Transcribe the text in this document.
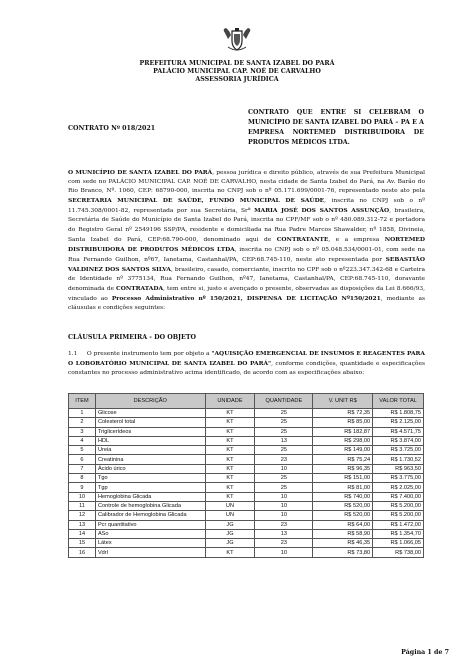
PREFEITURA MUNICIPAL DE SANTA IZABEL DO PARÁ
PALÁCIO MUNICIPAL CAP. NOÉ DE CARVALHO
ASSESSORIA JURÍDICA
CONTRATO Nº 018/2021
CONTRATO QUE ENTRE SI CELEBRAM O MUNICÍPIO DE SANTA IZABEL DO PARÁ – PA E A EMPRESA NORTEMED DISTRIBUIDORA DE PRODUTOS MÉDICOS LTDA.
O MUNICÍPIO DE SANTA IZABEL DO PARÁ, pessoa jurídica e direito público, através de sua Prefeitura Municipal com sede no PALÁCIO MUNICIPAL CAP. NOÉ DE CARVALHO, nesta cidade de Santa Izabel do Pará, na Av. Barão do Rio Branco, Nº. 1060, CEP: 68790-000, inscrita no CNPJ sob o nº 05.171.699/0001-76, representado neste ato pela SECRETARIA MUNICIPAL DE SAÚDE, FUNDO MUNICIPAL DE SAÚDE, inscrita no CNPJ sob o nº 11.745.308/0001-82, representada por sua Secretária, Srª MARIA JOSÉ DOS SANTOS ASSUNÇÃO, brasileira, Secretária de Saúde do Município de Santa Izabel do Pará, inscrita no CPF/MF sob o nº 480.089.312-72 e portadora do Registro Geral nº 2549196 SSP/PA, residente e domiciliada na Rua Padre Marcos Shawalder, nº 1858, Divineia, Santa Izabel do Pará, CEP:68.790-000, denominado aqui de CONTRATANTE, e a empresa NORTEMED DISTRIBUIDORA DE PRODUTOS MÉDICOS LTDA, inscrita no CNPJ sob o nº 05.048.534/0001-01, com sede na Rua Fernando Guilhon, nº67, Ianetama, Castanhal/PA, CEP:68.745-110, neste ato representada por SEBASTIÃO VALDINEZ DOS SANTOS SILVA, brasileiro, casado, comerciante, inscrito no CPF sob o nº223.347.342-68 e Carteira de Identidade nº 3775134, Rua Fernando Guilhon, nº47, Ianetama, Castanhal/PA, CEP:68.745-110, doravante denominada de CONTRATADA, tem entre si, justo e avençado o presente, observadas as disposições da Lei 8.666/93, vinculado ao Processo Administrativo nº 150/2021, DISPENSA DE LICITAÇÃO Nº150/2021, mediante as cláusulas e condições seguintes:
CLÁUSULA PRIMEIRA - DO OBJETO
1.1 O presente instrumento tem por objeto a "AQUISIÇÃO EMERGENCIAL DE INSUMOS E REAGENTES PARA O LOBORATÓRIO MUNICIPAL DE SANTA IZABEL DO PARÁ", conforme condições, quantidade e especificações constantes no processo administrativo acima identificado, de acordo com as especificações abaixo:
ITEM	DESCRIÇÃO	UNIDADE	QUANTIDADE	V. UNIT R$	VALOR TOTAL
1	Glicose	KT	25	R$ 72,35	R$ 1.808,75
2	Colesterol total	KT	25	R$ 85,00	R$ 2.125,00
3	Triglicerídeos	KT	25	R$ 182,87	R$ 4.571,75
4	HDL	KT	13	R$ 298,00	R$ 3.874,00
5	Ureia	KT	25	R$ 149,00	R$ 3.725,00
6	Creatinina	KT	23	R$ 75,24	R$ 1.730,52
7	Ácido úrico	KT	10	R$ 96,35	R$ 963,50
8	Tgo	KT	25	R$ 151,00	R$ 3.775,00
9	Tgp	KT	25	R$ 81,00	R$ 2.025,00
10	Hemoglobina Glicada	KT	10	R$ 740,00	R$ 7.400,00
11	Controle de hemoglobina Glicada	UN	10	R$ 520,00	R$ 5.200,00
12	Calibrador de Hemoglobina Glicada	UN	10	R$ 520,00	R$ 5.200,00
13	Pcr quantitativo	JG	23	R$ 64,00	R$ 1.472,00
14	ASo	JG	13	R$ 58,90	R$ 1.354,70
15	Látex	JG	23	R$ 46,35	R$ 1.066,05
16	Vdrl	KT	10	R$ 73,80	R$ 738,00
Página 1 de 7
